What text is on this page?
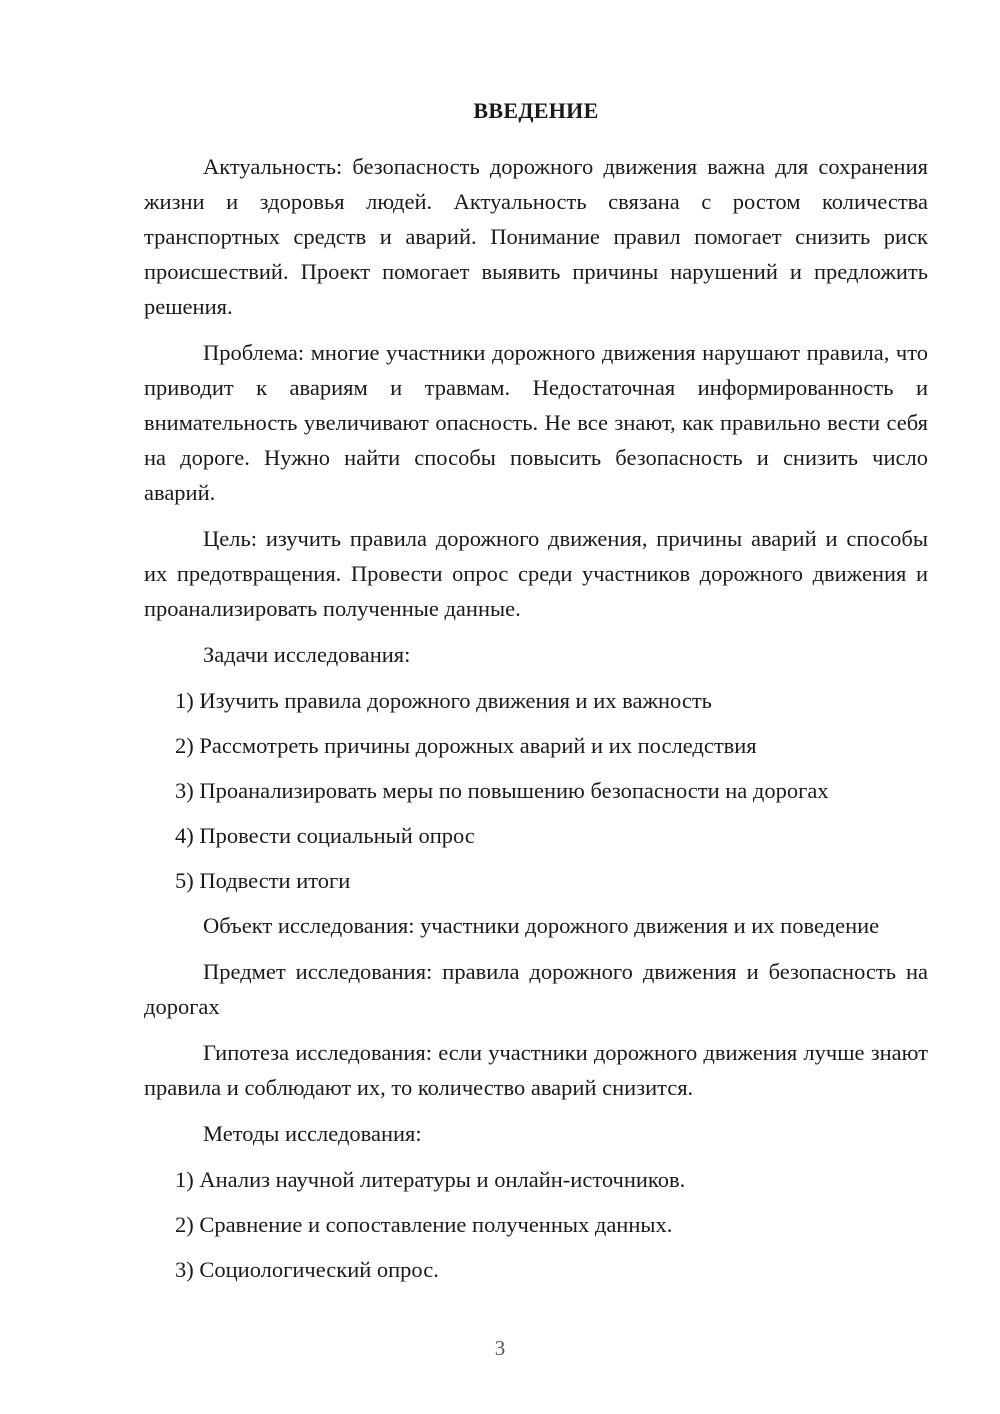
ВВЕДЕНИЕ

Актуальность: безопасность дорожного движения важна для сохранения жизни и здоровья людей. Актуальность связана с ростом количества транспортных средств и аварий. Понимание правил помогает снизить риск происшествий. Проект помогает выявить причины нарушений и предложить решения.

Проблема: многие участники дорожного движения нарушают правила, что приводит к авариям и травмам. Недостаточная информированность и внимательность увеличивают опасность. Не все знают, как правильно вести себя на дороге. Нужно найти способы повысить безопасность и снизить число аварий.

Цель: изучить правила дорожного движения, причины аварий и способы их предотвращения. Провести опрос среди участников дорожного движения и проанализировать полученные данные.

Задачи исследования:

1) Изучить правила дорожного движения и их важность
2) Рассмотреть причины дорожных аварий и их последствия
3) Проанализировать меры по повышению безопасности на дорогах
4) Провести социальный опрос
5) Подвести итоги

Объект исследования: участники дорожного движения и их поведение

Предмет исследования: правила дорожного движения и безопасность на дорогах

Гипотеза исследования: если участники дорожного движения лучше знают правила и соблюдают их, то количество аварий снизится.

Методы исследования:

1) Анализ научной литературы и онлайн-источников.
2) Сравнение и сопоставление полученных данных.
3) Социологический опрос.
3
